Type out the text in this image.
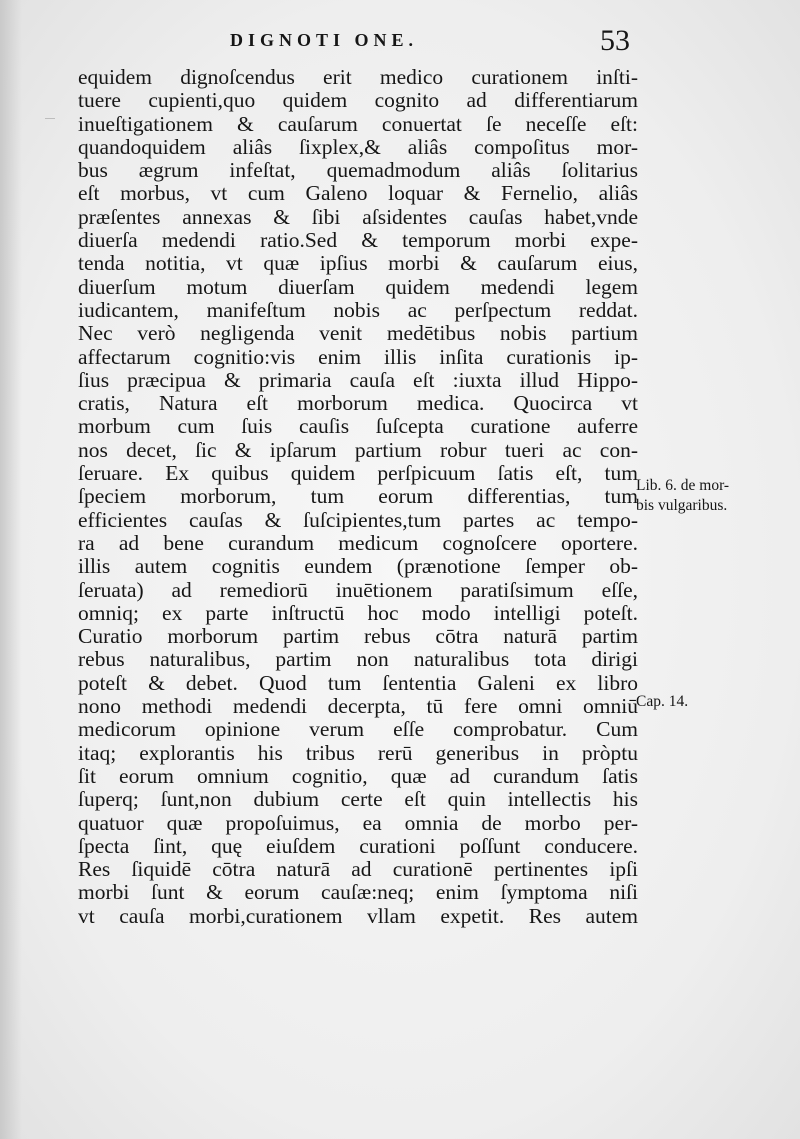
DIGNOTI ONE.	53
equidem dignoſcendus erit medico curationem inſti-
tuere cupienti,quo quidem cognito ad differentiarum
inueſtigationem & cauſarum conuertat ſe neceſſe eſt:
quandoquidem aliâs ſixplex,& aliâs compoſitus mor-
bus ægrum infeſtat, quemadmodum aliâs ſolitarius
eſt morbus, vt cum Galeno loquar & Fernelio, aliâs
præſentes annexas & ſibi aſsidentes cauſas habet,vnde
diuerſa medendi ratio.Sed & temporum morbi expe-
tenda notitia, vt quæ ipſius morbi & cauſarum eius,
diuerſum motum diuerſam quidem medendi legem
iudicantem, manifeſtum nobis ac perſpectum reddat.
Nec verò negligenda venit medētibus nobis partium
affectarum cognitio:vis enim illis inſita curationis ip-
ſius præcipua & primaria cauſa eſt :iuxta illud Hippo-
cratis, Natura eſt morborum medica. Quocirca vt
morbum cum ſuis cauſis ſuſcepta curatione auferre
nos decet, ſic & ipſarum partium robur tueri ac con-
ſeruare. Ex quibus quidem perſpicuum ſatis eſt, tum
ſpeciem morborum, tum eorum differentias, tum
efficientes cauſas & ſuſcipientes,tum partes ac tempo-
ra ad bene curandum medicum cognoſcere oportere.
illis autem cognitis eundem (prænotione ſemper ob-
ſeruata) ad remediorū inuētionem paratiſsimum eſſe,
omniq; ex parte inſtructū hoc modo intelligi poteſt.
Curatio morborum partim rebus cōtra naturā partim
rebus naturalibus, partim non naturalibus tota dirigi
poteſt & debet. Quod tum ſententia Galeni ex libro
nono methodi medendi decerpta, tū fere omni omniū
medicorum opinione verum eſſe comprobatur. Cum
itaq; explorantis his tribus rerū generibus in pròptu
ſit eorum omnium cognitio, quæ ad curandum ſatis
ſuperq; ſunt,non dubium certe eſt quin intellectis his
quatuor quæ propoſuimus, ea omnia de morbo per-
ſpecta ſint, quę eiuſdem curationi poſſunt conducere.
Res ſiquidē cōtra naturā ad curationē pertinentes ipſi
morbi ſunt & eorum cauſæ:neq; enim ſymptoma niſi
vt cauſa morbi,curationem vllam expetit. Res autem
Lib. 6. de mor-
bis vulgaribus.
Cap. 14.
